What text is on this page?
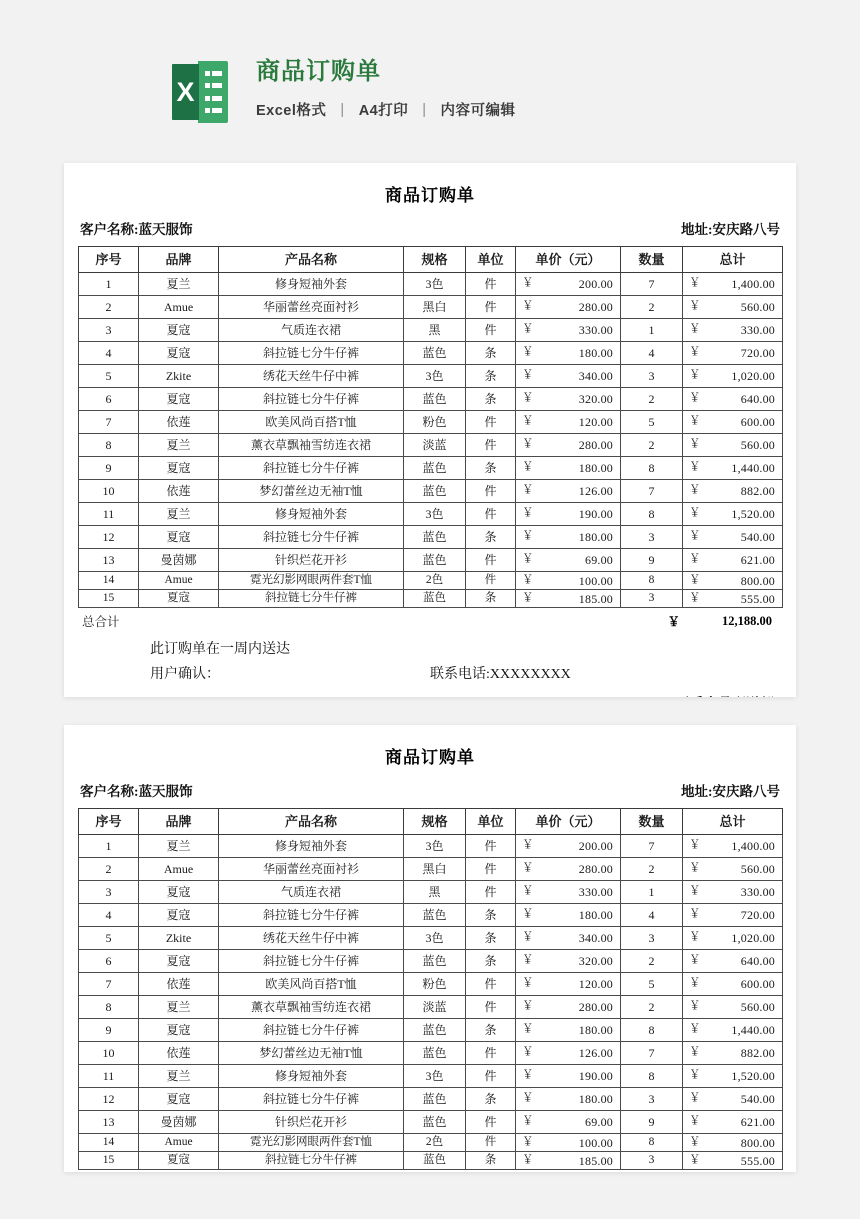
X
商品订购单
Excel格式 | A4打印 | 内容可编辑
商品订购单
客户名称:蓝天服饰	地址:安庆路八号
序号	品牌	产品名称	规格	单位	单价（元）	数量	总计
1	夏兰	修身短袖外套	3色	件	￥ 200.00	7	￥ 1,400.00

2	Amue	华丽蕾丝亮面衬衫	黑白	件	￥ 280.00	2	￥ 560.00

3	夏寇	气质连衣裙	黑	件	￥ 330.00	1	￥ 330.00

4	夏寇	斜拉链七分牛仔裤	蓝色	条	￥ 180.00	4	￥ 720.00

5	Zkite	绣花天丝牛仔中裤	3色	条	￥ 340.00	3	￥ 1,020.00

6	夏寇	斜拉链七分牛仔裤	蓝色	条	￥ 320.00	2	￥ 640.00

7	依莲	欧美风尚百搭T恤	粉色	件	￥ 120.00	5	￥ 600.00

8	夏兰	薰衣草飘袖雪纺连衣裙	淡蓝	件	￥ 280.00	2	￥ 560.00

9	夏寇	斜拉链七分牛仔裤	蓝色	条	￥ 180.00	8	￥ 1,440.00

10	依莲	梦幻蕾丝边无袖T恤	蓝色	件	￥ 126.00	7	￥ 882.00

11	夏兰	修身短袖外套	3色	件	￥ 190.00	8	￥ 1,520.00

12	夏寇	斜拉链七分牛仔裤	蓝色	条	￥ 180.00	3	￥ 540.00

13	曼茵娜	针织烂花开衫	蓝色	件	￥ 69.00	9	￥ 621.00

14	Amue	霓光幻影网眼两件套T恤	2色	件	￥ 100.00	8	￥ 800.00

15	夏寇	斜拉链七分牛仔裤	蓝色	条	￥ 185.00	3	￥ 555.00
总合计	￥	12,188.00
此订购单在一周内送达
用户确认：	联系电话:XXXXXXXX
商品订购单
客户名称:蓝天服饰	地址:安庆路八号
序号	品牌	产品名称	规格	单位	单价（元）	数量	总计
1	夏兰	修身短袖外套	3色	件	￥ 200.00	7	￥ 1,400.00

2	Amue	华丽蕾丝亮面衬衫	黑白	件	￥ 280.00	2	￥ 560.00

3	夏寇	气质连衣裙	黑	件	￥ 330.00	1	￥ 330.00

4	夏寇	斜拉链七分牛仔裤	蓝色	条	￥ 180.00	4	￥ 720.00

5	Zkite	绣花天丝牛仔中裤	3色	条	￥ 340.00	3	￥ 1,020.00

6	夏寇	斜拉链七分牛仔裤	蓝色	条	￥ 320.00	2	￥ 640.00

7	依莲	欧美风尚百搭T恤	粉色	件	￥ 120.00	5	￥ 600.00

8	夏兰	薰衣草飘袖雪纺连衣裙	淡蓝	件	￥ 280.00	2	￥ 560.00

9	夏寇	斜拉链七分牛仔裤	蓝色	条	￥ 180.00	8	￥ 1,440.00

10	依莲	梦幻蕾丝边无袖T恤	蓝色	件	￥ 126.00	7	￥ 882.00

11	夏兰	修身短袖外套	3色	件	￥ 190.00	8	￥ 1,520.00

12	夏寇	斜拉链七分牛仔裤	蓝色	条	￥ 180.00	3	￥ 540.00

13	曼茵娜	针织烂花开衫	蓝色	件	￥ 69.00	9	￥ 621.00

14	Amue	霓光幻影网眼两件套T恤	2色	件	￥ 100.00	8	￥ 800.00

15	夏寇	斜拉链七分牛仔裤	蓝色	条	￥ 185.00	3	￥ 555.00
